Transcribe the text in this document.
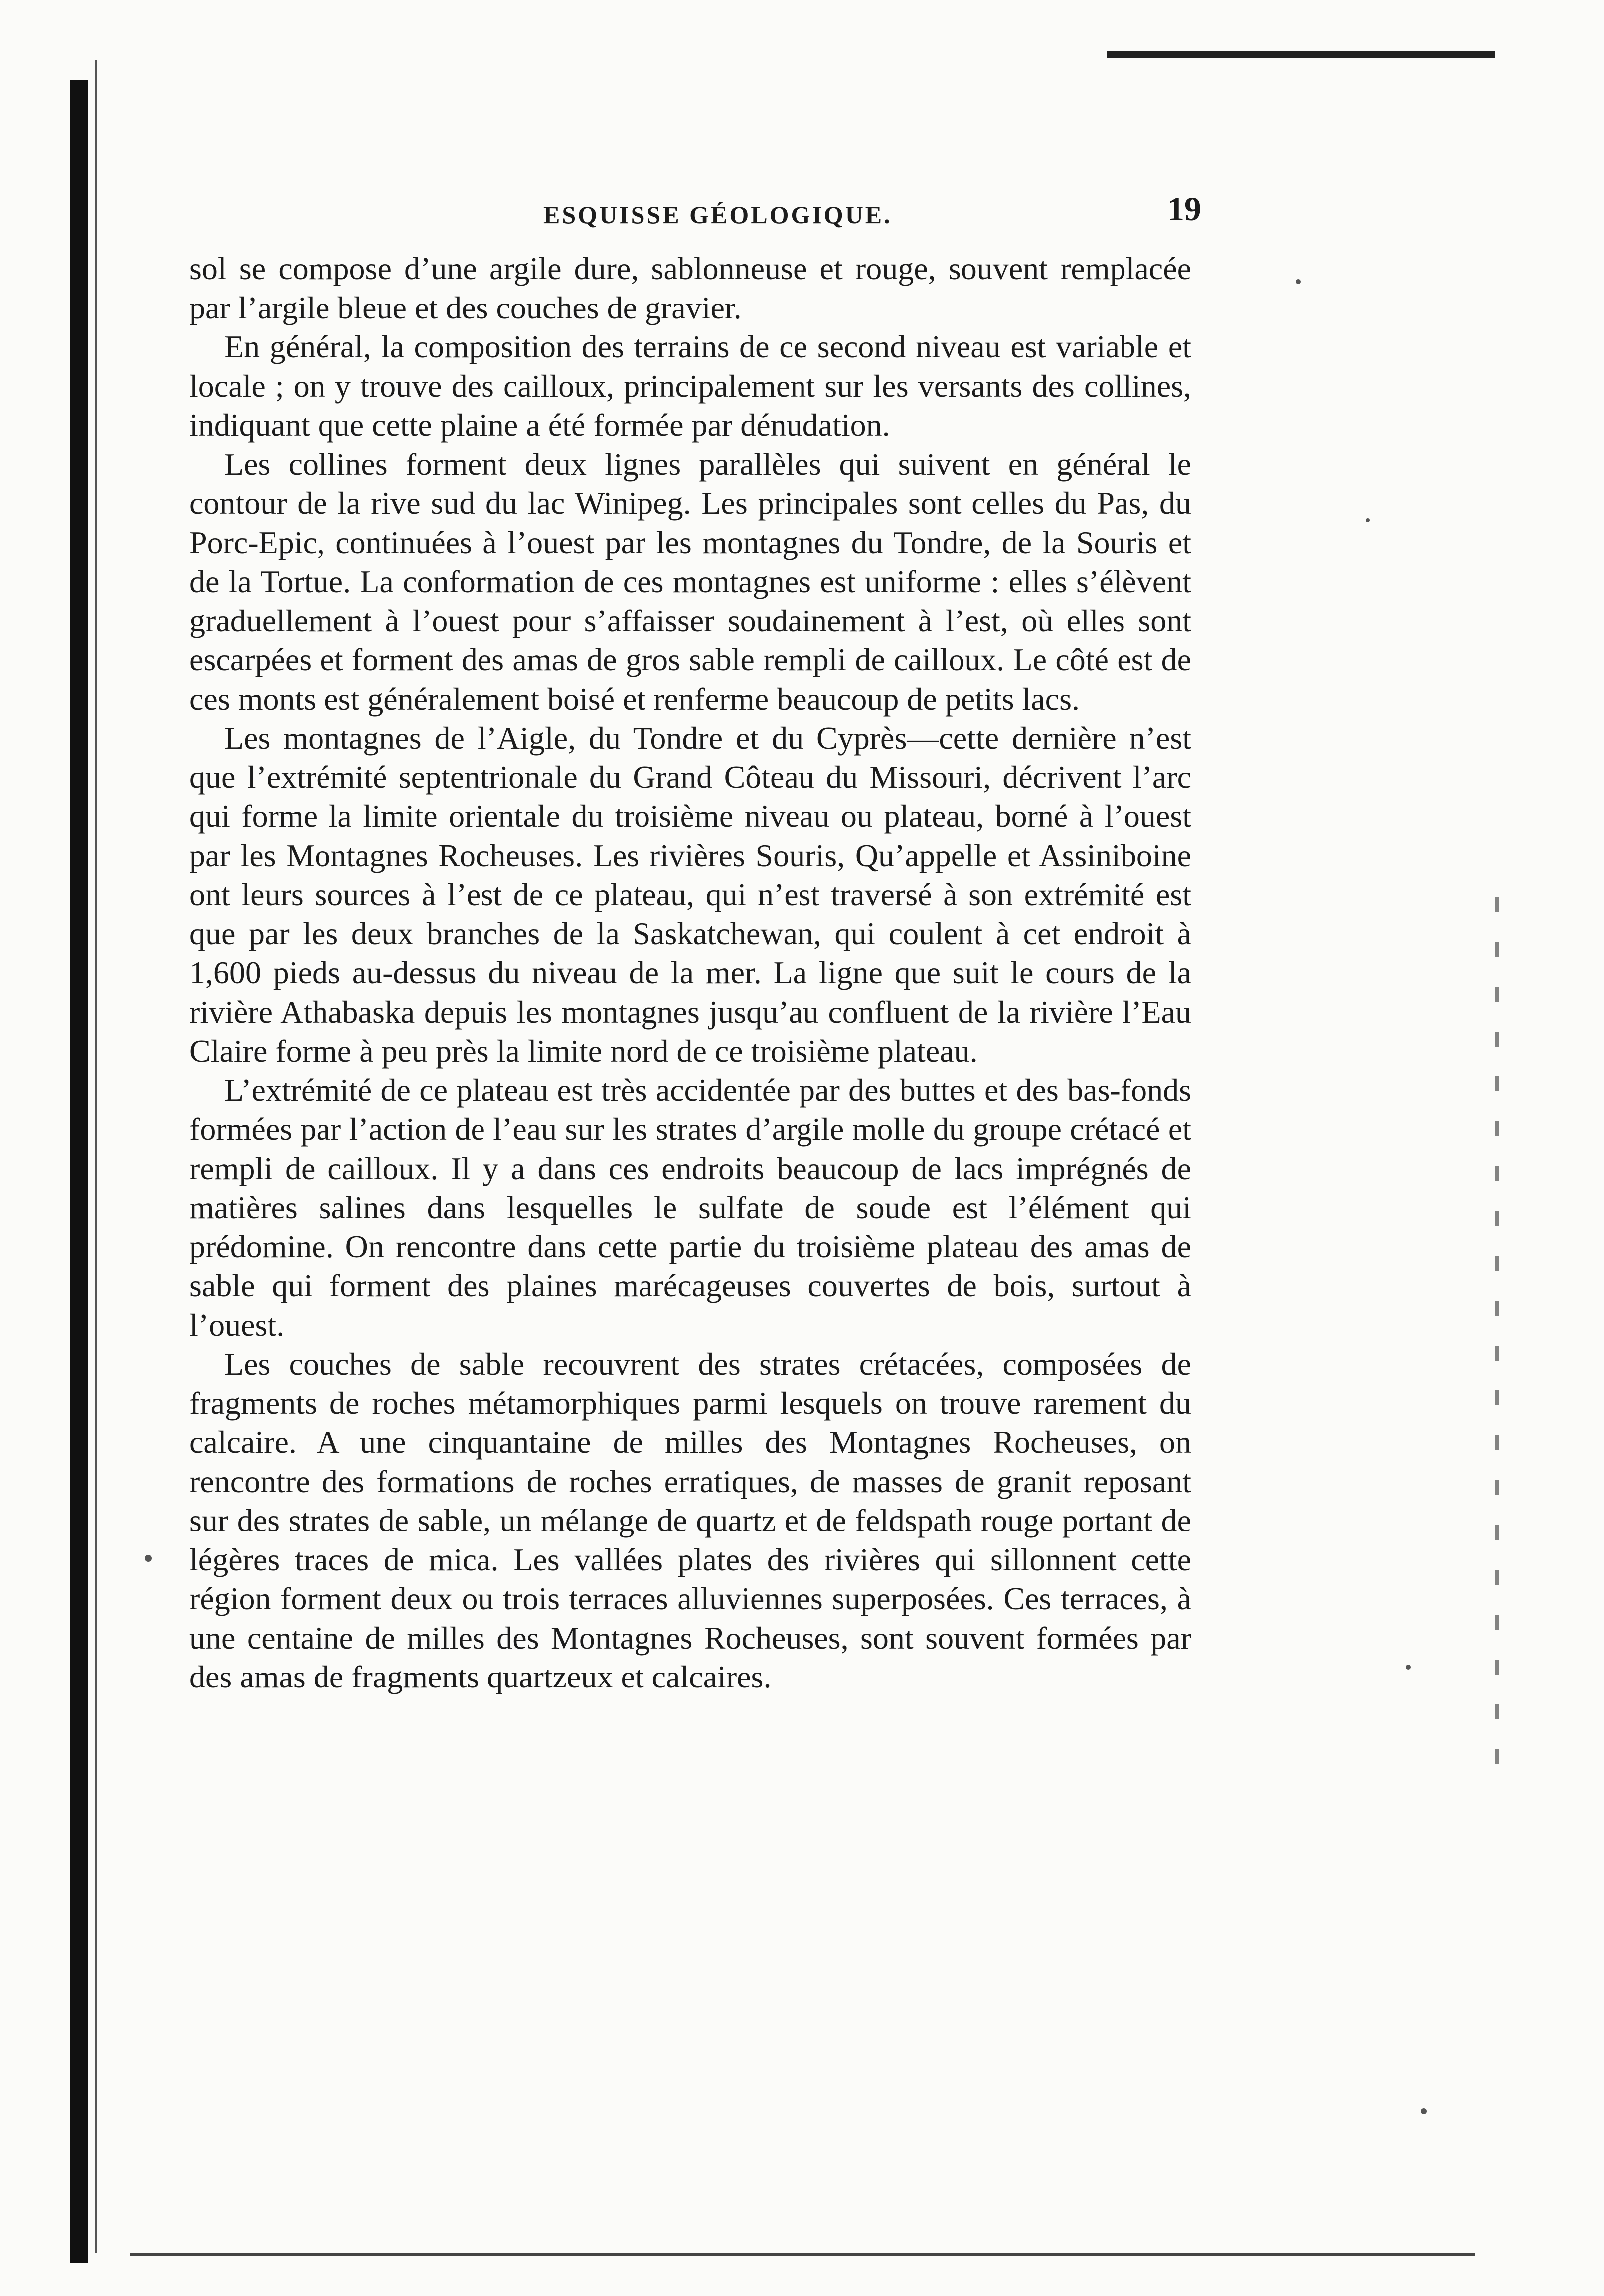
ESQUISSE GÉOLOGIQUE.	19

sol se compose d’une argile dure, sablonneuse et rouge, souvent remplacée par l’argile bleue et des couches de gravier.

En général, la composition des terrains de ce second niveau est variable et locale ; on y trouve des cailloux, principalement sur les versants des collines, indiquant que cette plaine a été formée par dénudation.

Les collines forment deux lignes parallèles qui suivent en général le contour de la rive sud du lac Winipeg. Les principales sont celles du Pas, du Porc-Epic, continuées à l’ouest par les montagnes du Tondre, de la Souris et de la Tortue. La conformation de ces montagnes est uniforme : elles s’élèvent graduellement à l’ouest pour s’affaisser soudainement à l’est, où elles sont escarpées et forment des amas de gros sable rempli de cailloux. Le côté est de ces monts est généralement boisé et renferme beaucoup de petits lacs.

Les montagnes de l’Aigle, du Tondre et du Cyprès—cette dernière n’est que l’extrémité septentrionale du Grand Côteau du Missouri, décrivent l’arc qui forme la limite orientale du troisième niveau ou plateau, borné à l’ouest par les Montagnes Rocheuses. Les rivières Souris, Qu’appelle et Assiniboine ont leurs sources à l’est de ce plateau, qui n’est traversé à son extrémité est que par les deux branches de la Saskatchewan, qui coulent à cet endroit à 1,600 pieds au-dessus du niveau de la mer. La ligne que suit le cours de la rivière Athabaska depuis les montagnes jusqu’au confluent de la rivière l’Eau Claire forme à peu près la limite nord de ce troisième plateau.

L’extrémité de ce plateau est très accidentée par des buttes et des bas-fonds formées par l’action de l’eau sur les strates d’argile molle du groupe crétacé et rempli de cailloux. Il y a dans ces endroits beaucoup de lacs imprégnés de matières salines dans lesquelles le sulfate de soude est l’élément qui prédomine. On rencontre dans cette partie du troisième plateau des amas de sable qui forment des plaines marécageuses couvertes de bois, surtout à l’ouest.

Les couches de sable recouvrent des strates crétacées, composées de fragments de roches métamorphiques parmi lesquels on trouve rarement du calcaire. A une cinquantaine de milles des Montagnes Rocheuses, on rencontre des formations de roches erratiques, de masses de granit reposant sur des strates de sable, un mélange de quartz et de feldspath rouge portant de légères traces de mica. Les vallées plates des rivières qui sillonnent cette région forment deux ou trois terraces alluviennes superposées. Ces terraces, à une centaine de milles des Montagnes Rocheuses, sont souvent formées par des amas de fragments quartzeux et calcaires.
